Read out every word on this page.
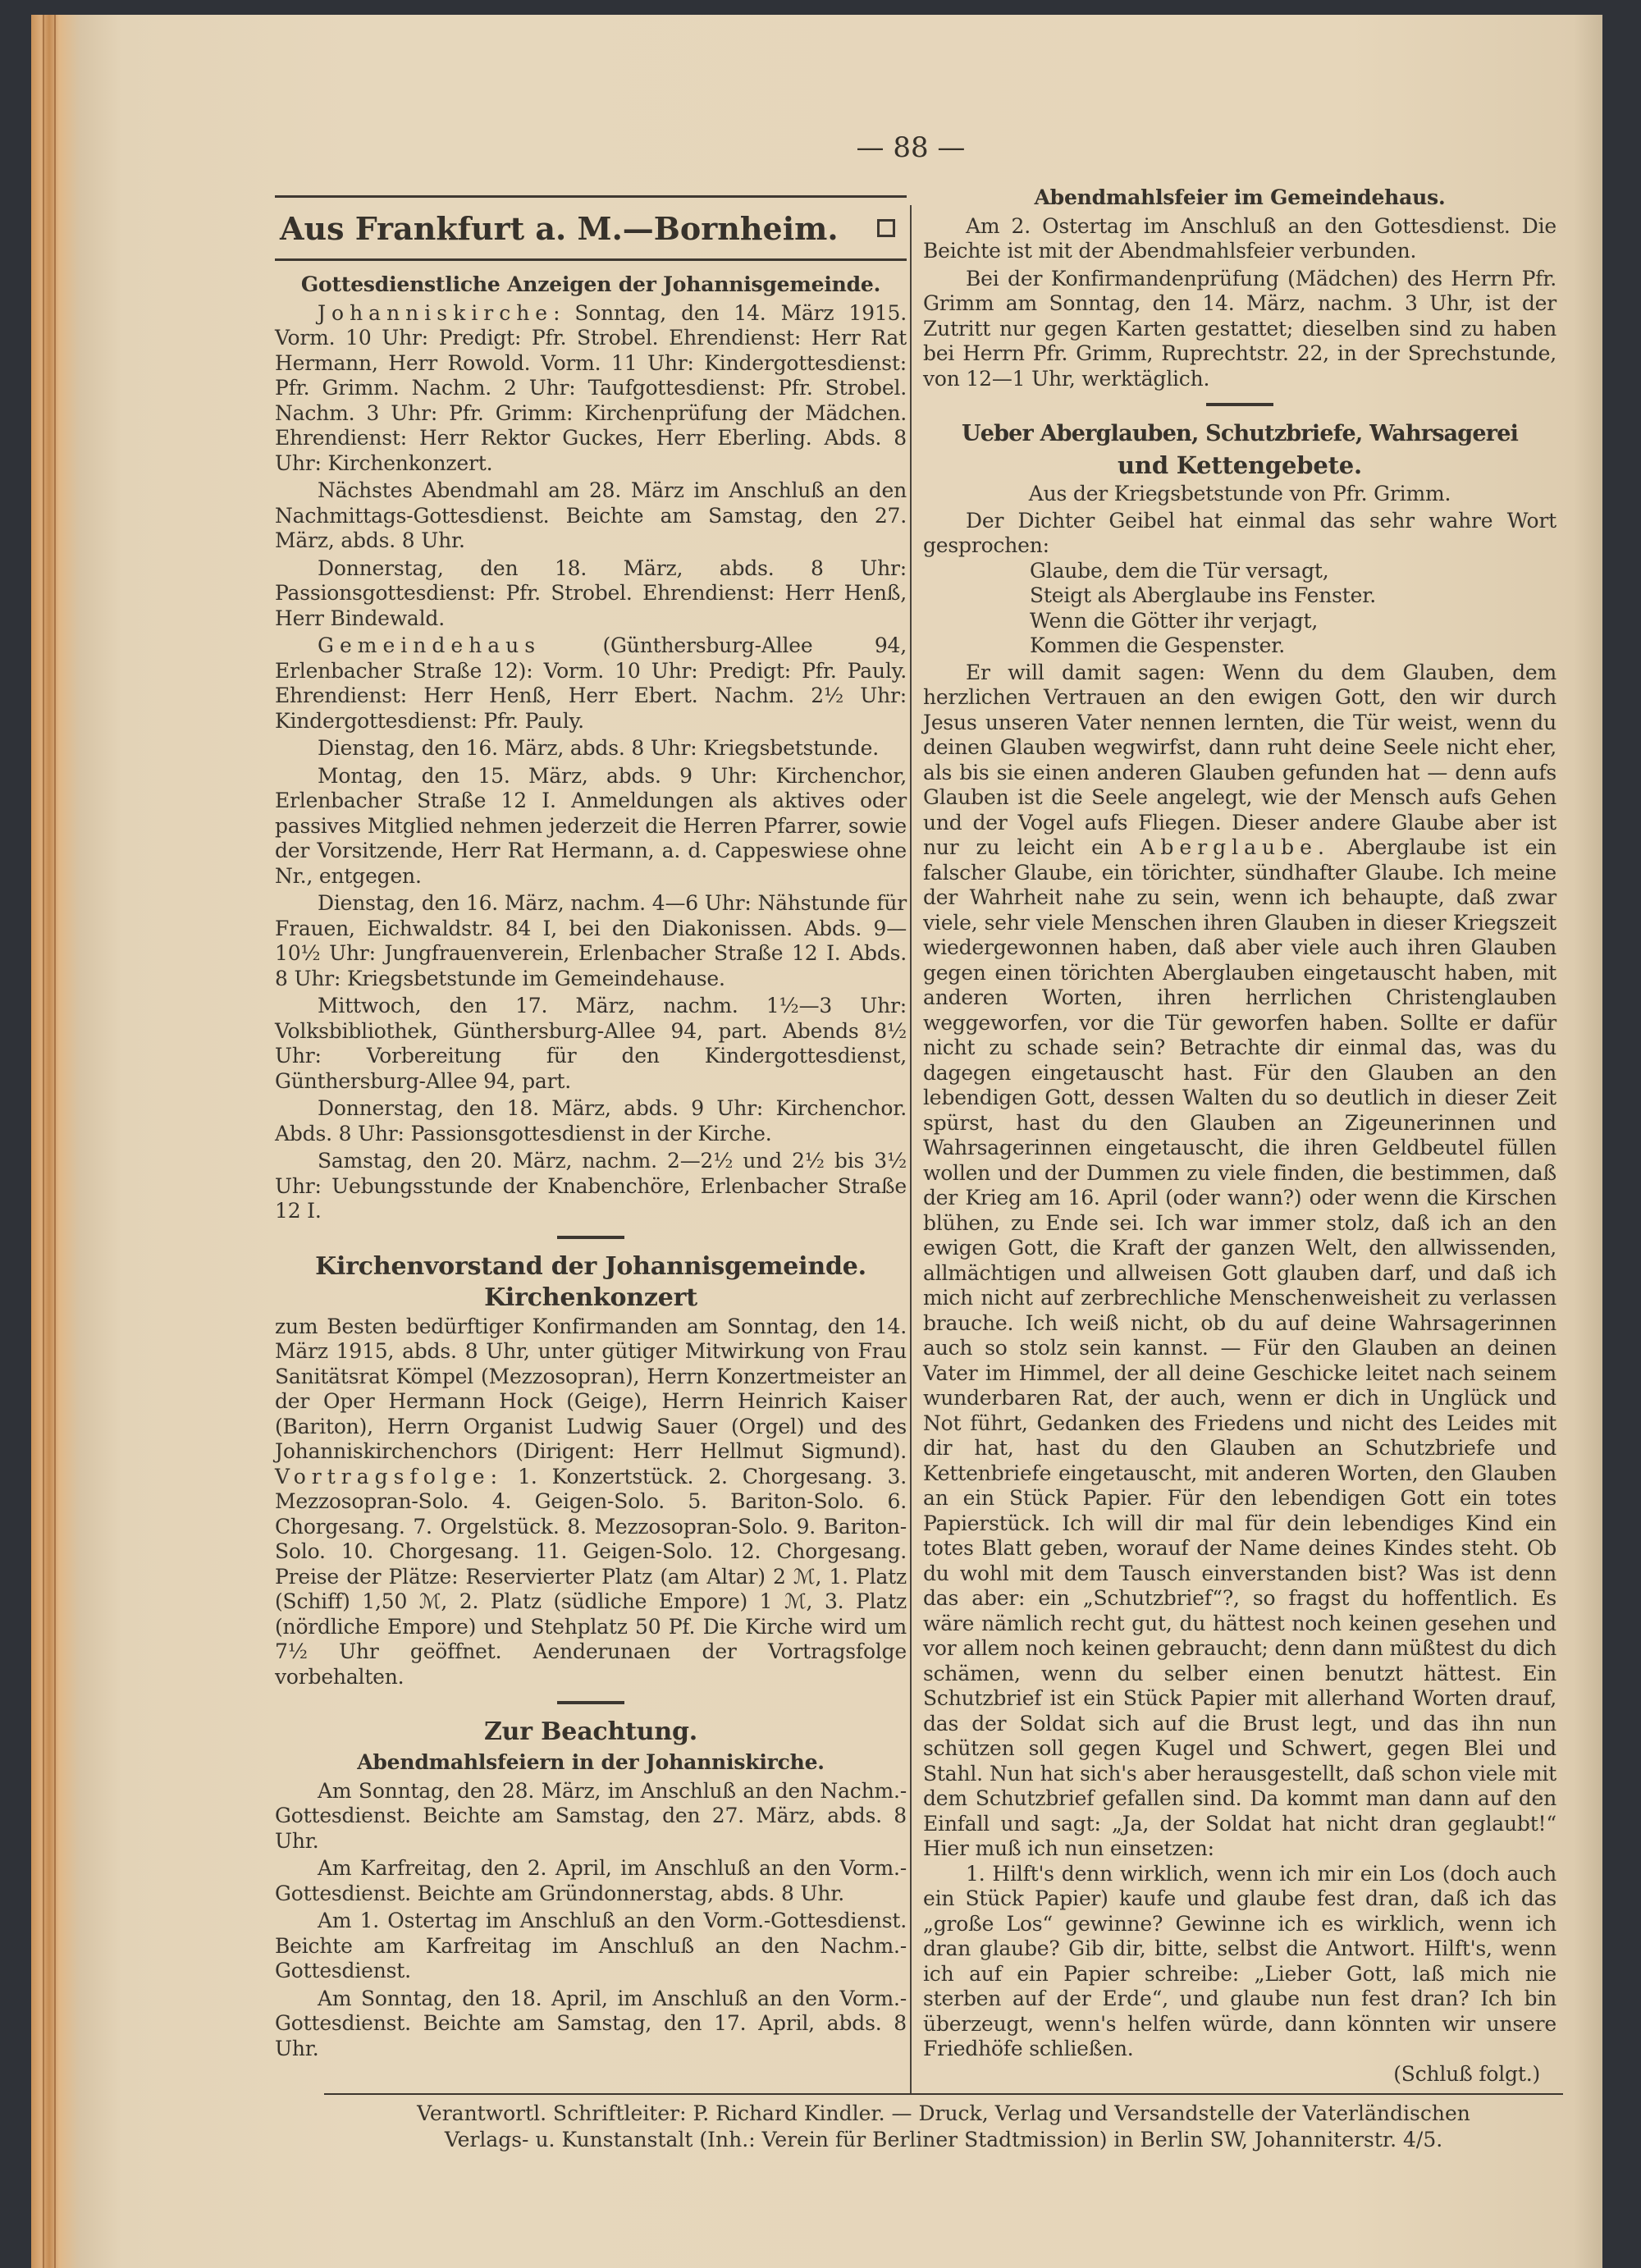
— 88 —
Aus Frankfurt a. M.—Bornheim.
Gottesdienstliche Anzeigen der Johannisgemeinde.

Johanniskirche: Sonntag, den 14. März 1915. Vorm. 10 Uhr: Predigt: Pfr. Strobel. Ehrendienst: Herr Rat Hermann, Herr Rowold. Vorm. 11 Uhr: Kindergottesdienst: Pfr. Grimm. Nachm. 2 Uhr: Taufgottesdienst: Pfr. Strobel. Nachm. 3 Uhr: Pfr. Grimm: Kirchenprüfung der Mädchen. Ehrendienst: Herr Rektor Guckes, Herr Eberling. Abds. 8 Uhr: Kirchenkonzert.

Nächstes Abendmahl am 28. März im Anschluß an den Nachmittags-Gottesdienst. Beichte am Samstag, den 27. März, abds. 8 Uhr.

Donnerstag, den 18. März, abds. 8 Uhr: Passionsgottesdienst: Pfr. Strobel. Ehrendienst: Herr Henß, Herr Bindewald.

Gemeindehaus (Günthersburg-Allee 94, Erlenbacher Straße 12): Vorm. 10 Uhr: Predigt: Pfr. Pauly. Ehrendienst: Herr Henß, Herr Ebert. Nachm. 2½ Uhr: Kindergottesdienst: Pfr. Pauly.

Dienstag, den 16. März, abds. 8 Uhr: Kriegsbetstunde.

Montag, den 15. März, abds. 9 Uhr: Kirchenchor, Erlenbacher Straße 12 I. Anmeldungen als aktives oder passives Mitglied nehmen jederzeit die Herren Pfarrer, sowie der Vorsitzende, Herr Rat Hermann, a. d. Cappeswiese ohne Nr., entgegen.

Dienstag, den 16. März, nachm. 4—6 Uhr: Nähstunde für Frauen, Eichwaldstr. 84 I, bei den Diakonissen. Abds. 9—10½ Uhr: Jungfrauenverein, Erlenbacher Straße 12 I. Abds. 8 Uhr: Kriegsbetstunde im Gemeindehause.

Mittwoch, den 17. März, nachm. 1½—3 Uhr: Volksbibliothek, Günthersburg-Allee 94, part. Abends 8½ Uhr: Vorbereitung für den Kindergottesdienst, Günthersburg-Allee 94, part.

Donnerstag, den 18. März, abds. 9 Uhr: Kirchenchor. Abds. 8 Uhr: Passionsgottesdienst in der Kirche.

Samstag, den 20. März, nachm. 2—2½ und 2½ bis 3½ Uhr: Uebungsstunde der Knabenchöre, Erlenbacher Straße 12 I.

Kirchenvorstand der Johannisgemeinde.
Kirchenkonzert

zum Besten bedürftiger Konfirmanden am Sonntag, den 14. März 1915, abds. 8 Uhr, unter gütiger Mitwirkung von Frau Sanitätsrat Kömpel (Mezzosopran), Herrn Konzertmeister an der Oper Hermann Hock (Geige), Herrn Heinrich Kaiser (Bariton), Herrn Organist Ludwig Sauer (Orgel) und des Johanniskirchenchors (Dirigent: Herr Hellmut Sigmund). Vortragsfolge: 1. Konzertstück. 2. Chorgesang. 3. Mezzosopran-Solo. 4. Geigen-Solo. 5. Bariton-Solo. 6. Chorgesang. 7. Orgelstück. 8. Mezzosopran-Solo. 9. Bariton-Solo. 10. Chorgesang. 11. Geigen-Solo. 12. Chorgesang. Preise der Plätze: Reservierter Platz (am Altar) 2 ℳ, 1. Platz (Schiff) 1,50 ℳ, 2. Platz (südliche Empore) 1 ℳ, 3. Platz (nördliche Empore) und Stehplatz 50 Pf. Die Kirche wird um 7½ Uhr geöffnet. Aenderunaen der Vortragsfolge vorbehalten.

Zur Beachtung.
Abendmahlsfeiern in der Johanniskirche.

Am Sonntag, den 28. März, im Anschluß an den Nachm.-Gottesdienst. Beichte am Samstag, den 27. März, abds. 8 Uhr.

Am Karfreitag, den 2. April, im Anschluß an den Vorm.-Gottesdienst. Beichte am Gründonnerstag, abds. 8 Uhr.

Am 1. Ostertag im Anschluß an den Vorm.-Gottesdienst. Beichte am Karfreitag im Anschluß an den Nachm.-Gottesdienst.

Am Sonntag, den 18. April, im Anschluß an den Vorm.-Gottesdienst. Beichte am Samstag, den 17. April, abds. 8 Uhr.

Abendmahlsfeier im Gemeindehaus.

Am 2. Ostertag im Anschluß an den Gottesdienst. Die Beichte ist mit der Abendmahlsfeier verbunden.

Bei der Konfirmandenprüfung (Mädchen) des Herrn Pfr. Grimm am Sonntag, den 14. März, nachm. 3 Uhr, ist der Zutritt nur gegen Karten gestattet; dieselben sind zu haben bei Herrn Pfr. Grimm, Ruprechtstr. 22, in der Sprechstunde, von 12—1 Uhr, werktäglich.

Ueber Aberglauben, Schutzbriefe, Wahrsagerei
und Kettengebete.
Aus der Kriegsbetstunde von Pfr. Grimm.

Der Dichter Geibel hat einmal das sehr wahre Wort gesprochen:

Glaube, dem die Tür versagt,
Steigt als Aberglaube ins Fenster.
Wenn die Götter ihr verjagt,
Kommen die Gespenster.

Er will damit sagen: Wenn du dem Glauben, dem herzlichen Vertrauen an den ewigen Gott, den wir durch Jesus unseren Vater nennen lernten, die Tür weist, wenn du deinen Glauben wegwirfst, dann ruht deine Seele nicht eher, als bis sie einen anderen Glauben gefunden hat — denn aufs Glauben ist die Seele angelegt, wie der Mensch aufs Gehen und der Vogel aufs Fliegen. Dieser andere Glaube aber ist nur zu leicht ein Aberglaube. Aberglaube ist ein falscher Glaube, ein törichter, sündhafter Glaube. Ich meine der Wahrheit nahe zu sein, wenn ich behaupte, daß zwar viele, sehr viele Menschen ihren Glauben in dieser Kriegszeit wiedergewonnen haben, daß aber viele auch ihren Glauben gegen einen törichten Aberglauben eingetauscht haben, mit anderen Worten, ihren herrlichen Christenglauben weggeworfen, vor die Tür geworfen haben. Sollte er dafür nicht zu schade sein? Betrachte dir einmal das, was du dagegen eingetauscht hast. Für den Glauben an den lebendigen Gott, dessen Walten du so deutlich in dieser Zeit spürst, hast du den Glauben an Zigeunerinnen und Wahrsagerinnen eingetauscht, die ihren Geldbeutel füllen wollen und der Dummen zu viele finden, die bestimmen, daß der Krieg am 16. April (oder wann?) oder wenn die Kirschen blühen, zu Ende sei. Ich war immer stolz, daß ich an den ewigen Gott, die Kraft der ganzen Welt, den allwissenden, allmächtigen und allweisen Gott glauben darf, und daß ich mich nicht auf zerbrechliche Menschenweisheit zu verlassen brauche. Ich weiß nicht, ob du auf deine Wahrsagerinnen auch so stolz sein kannst. — Für den Glauben an deinen Vater im Himmel, der all deine Geschicke leitet nach seinem wunderbaren Rat, der auch, wenn er dich in Unglück und Not führt, Gedanken des Friedens und nicht des Leides mit dir hat, hast du den Glauben an Schutzbriefe und Kettenbriefe eingetauscht, mit anderen Worten, den Glauben an ein Stück Papier. Für den lebendigen Gott ein totes Papierstück. Ich will dir mal für dein lebendiges Kind ein totes Blatt geben, worauf der Name deines Kindes steht. Ob du wohl mit dem Tausch einverstanden bist? Was ist denn das aber: ein „Schutzbrief“?, so fragst du hoffentlich. Es wäre nämlich recht gut, du hättest noch keinen gesehen und vor allem noch keinen gebraucht; denn dann müßtest du dich schämen, wenn du selber einen benutzt hättest. Ein Schutzbrief ist ein Stück Papier mit allerhand Worten drauf, das der Soldat sich auf die Brust legt, und das ihn nun schützen soll gegen Kugel und Schwert, gegen Blei und Stahl. Nun hat sich's aber herausgestellt, daß schon viele mit dem Schutzbrief gefallen sind. Da kommt man dann auf den Einfall und sagt: „Ja, der Soldat hat nicht dran geglaubt!“ Hier muß ich nun einsetzen:

1. Hilft's denn wirklich, wenn ich mir ein Los (doch auch ein Stück Papier) kaufe und glaube fest dran, daß ich das „große Los“ gewinne? Gewinne ich es wirklich, wenn ich dran glaube? Gib dir, bitte, selbst die Antwort. Hilft's, wenn ich auf ein Papier schreibe: „Lieber Gott, laß mich nie sterben auf der Erde“, und glaube nun fest dran? Ich bin überzeugt, wenn's helfen würde, dann könnten wir unsere Friedhöfe schließen.

(Schluß folgt.)
Verantwortl. Schriftleiter: P. Richard Kindler. — Druck, Verlag und Versandstelle der Vaterländischen
Verlags- u. Kunstanstalt (Inh.: Verein für Berliner Stadtmission) in Berlin SW, Johanniterstr. 4/5.
